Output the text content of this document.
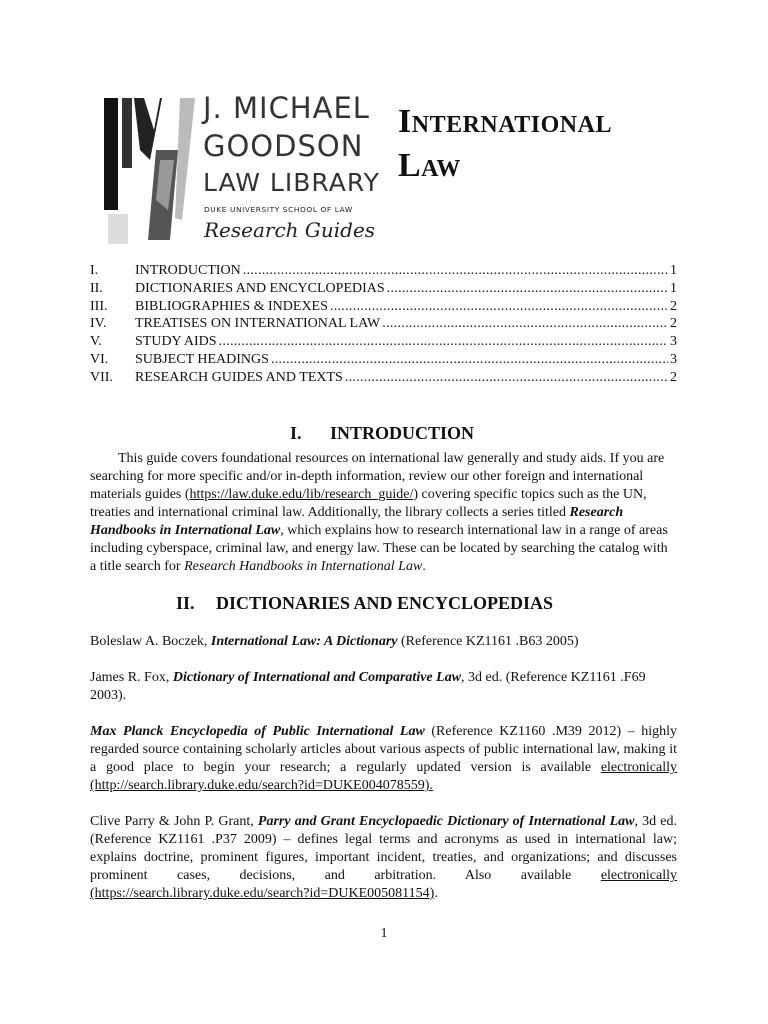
J. MICHAEL
GOODSON
LAW LIBRARY
DUKE UNIVERSITY SCHOOL OF LAW
Research Guides
International
Law
I.	INTRODUCTION .....	1
II.	DICTIONARIES AND ENCYCLOPEDIAS .....	1
III.	BIBLIOGRAPHIES & INDEXES .....	2
IV.	TREATISES ON INTERNATIONAL LAW .....	2
V.	STUDY AIDS .....	3
VI.	SUBJECT HEADINGS .....	3
VII.	RESEARCH GUIDES AND TEXTS .....	2
I. INTRODUCTION

This guide covers foundational resources on international law generally and study aids. If you are searching for more specific and/or in-depth information, review our other foreign and international materials guides (https://law.duke.edu/lib/research_guide/) covering specific topics such as the UN, treaties and international criminal law. Additionally, the library collects a series titled Research Handbooks in International Law, which explains how to research international law in a range of areas including cyberspace, criminal law, and energy law. These can be located by searching the catalog with a title search for Research Handbooks in International Law.

II. DICTIONARIES AND ENCYCLOPEDIAS

Boleslaw A. Boczek, International Law: A Dictionary (Reference KZ1161 .B63 2005)

James R. Fox, Dictionary of International and Comparative Law, 3d ed. (Reference KZ1161 .F69 2003).

Max Planck Encyclopedia of Public International Law (Reference KZ1160 .M39 2012) – highly regarded source containing scholarly articles about various aspects of public international law, making it a good place to begin your research; a regularly updated version is available electronically (http://search.library.duke.edu/search?id=DUKE004078559).

Clive Parry & John P. Grant, Parry and Grant Encyclopaedic Dictionary of International Law, 3d ed. (Reference KZ1161 .P37 2009) – defines legal terms and acronyms as used in international law; explains doctrine, prominent figures, important incident, treaties, and organizations; and discusses prominent cases, decisions, and arbitration. Also available electronically (https://search.library.duke.edu/search?id=DUKE005081154).

1
